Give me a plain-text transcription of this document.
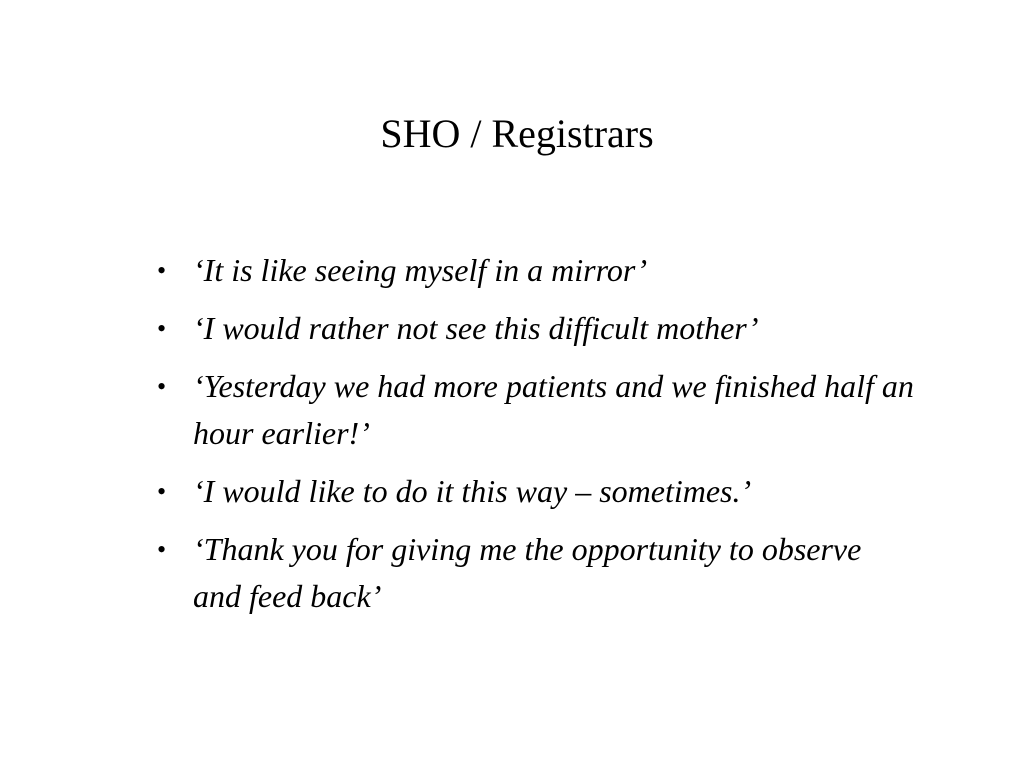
SHO / Registrars
• ‘It is like seeing myself in a mirror’
• ‘I would rather not see this difficult mother’
• ‘Yesterday we had more patients and we finished half an hour earlier!’
• ‘I would like to do it this way – sometimes.’
• ‘Thank you for giving me the opportunity to observe and feed back’
